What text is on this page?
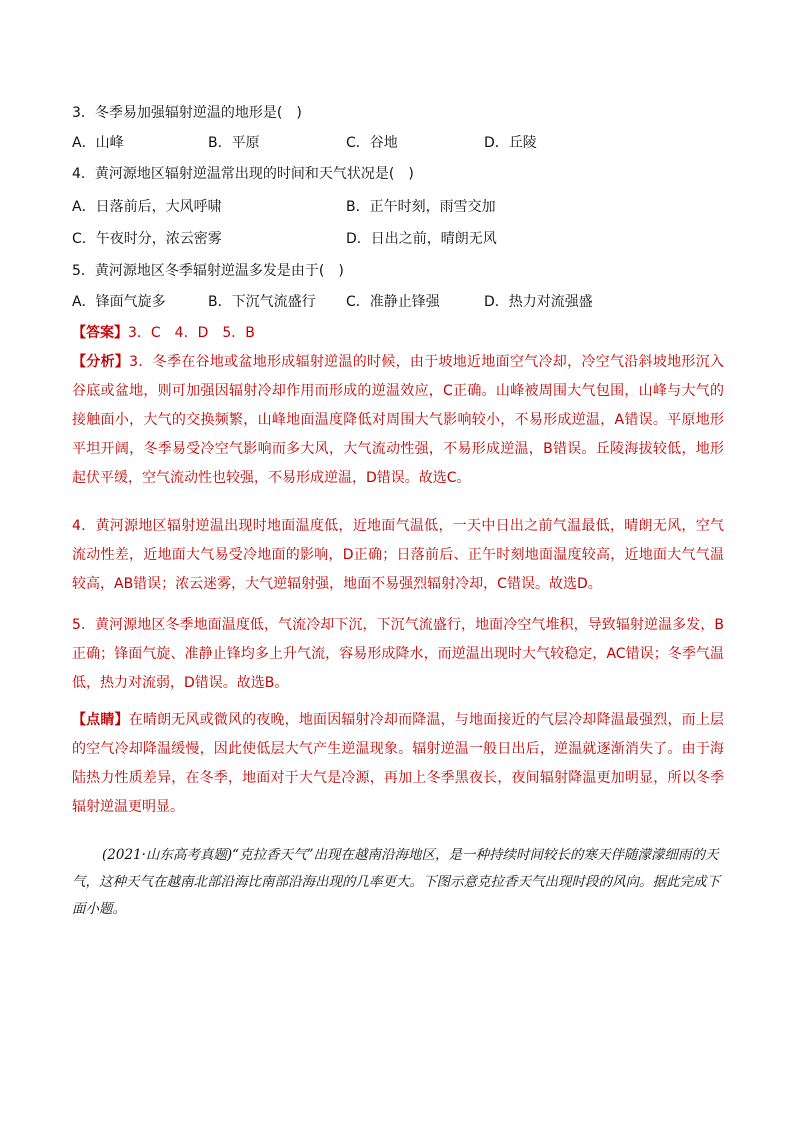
3．冬季易加强辐射逆温的地形是(　)
A．山峰	B．平原	C．谷地	D．丘陵
4．黄河源地区辐射逆温常出现的时间和天气状况是(　)
A．日落前后，大风呼啸	B．正午时刻，雨雪交加
C．午夜时分，浓云密雾	D．日出之前，晴朗无风
5．黄河源地区冬季辐射逆温多发是由于(　)
A．锋面气旋多	B．下沉气流盛行 C．准静止锋强	D．热力对流强盛
【答案】3．C　4．D　5．B

【分析】3．冬季在谷地或盆地形成辐射逆温的时候，由于坡地近地面空气冷却，冷空气沿斜坡地形沉入谷底或盆地，则可加强因辐射冷却作用而形成的逆温效应，C正确。山峰被周围大气包围，山峰与大气的接触面小，大气的交换频繁，山峰地面温度降低对周围大气影响较小，不易形成逆温，A错误。平原地形平坦开阔，冬季易受冷空气影响而多大风，大气流动性强，不易形成逆温，B错误。丘陵海拔较低，地形起伏平缓，空气流动性也较强，不易形成逆温，D错误。故选C。

4．黄河源地区辐射逆温出现时地面温度低，近地面气温低，一天中日出之前气温最低，晴朗无风，空气流动性差，近地面大气易受冷地面的影响，D正确；日落前后、正午时刻地面温度较高，近地面大气气温较高，AB错误；浓云迷雾，大气逆辐射强，地面不易强烈辐射冷却，C错误。故选D。

5．黄河源地区冬季地面温度低，气流冷却下沉，下沉气流盛行，地面冷空气堆积，导致辐射逆温多发，B正确；锋面气旋、准静止锋均多上升气流，容易形成降水，而逆温出现时大气较稳定，AC错误；冬季气温低，热力对流弱，D错误。故选B。

【点睛】在晴朗无风或微风的夜晚，地面因辐射冷却而降温，与地面接近的气层冷却降温最强烈，而上层的空气冷却降温缓慢，因此使低层大气产生逆温现象。辐射逆温一般日出后，逆温就逐渐消失了。由于海陆热力性质差异，在冬季，地面对于大气是冷源，再加上冬季黑夜长，夜间辐射降温更加明显，所以冬季辐射逆温更明显。

(2021·山东高考真题)“克拉香天气”出现在越南沿海地区，是一种持续时间较长的寒天伴随濛濛细雨的天气，这种天气在越南北部沿海比南部沿海出现的几率更大。下图示意克拉香天气出现时段的风向。据此完成下面小题。
